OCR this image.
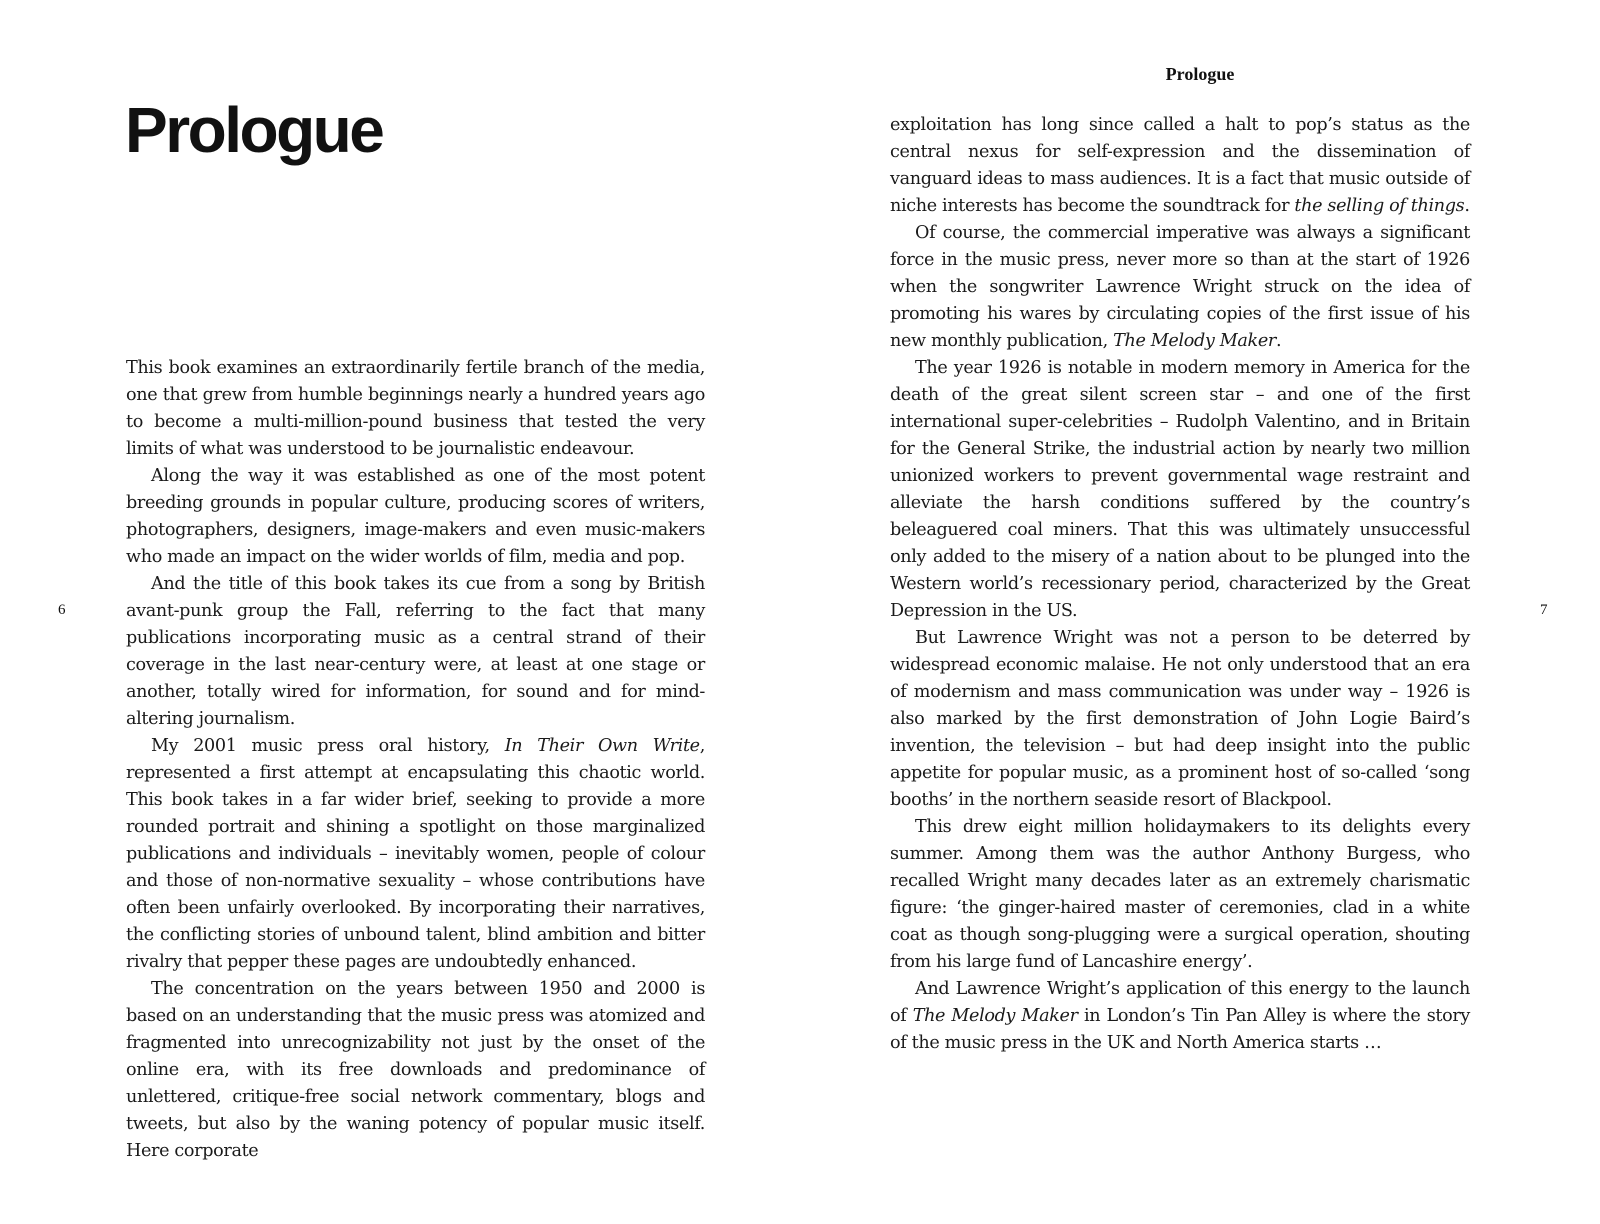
Prologue
6

This book examines an extraordinarily fertile branch of the media, one that grew from humble beginnings nearly a hundred years ago to become a multi-million-pound business that tested the very limits of what was understood to be journalistic endeavour.

Along the way it was established as one of the most potent breeding grounds in popular culture, producing scores of writers, photographers, designers, image-makers and even music-makers who made an impact on the wider worlds of film, media and pop.

And the title of this book takes its cue from a song by British avant-punk group the Fall, referring to the fact that many publications incorporating music as a central strand of their coverage in the last near-century were, at least at one stage or another, totally wired for information, for sound and for mind-altering journalism.

My 2001 music press oral history, In Their Own Write, represented a first attempt at encapsulating this chaotic world. This book takes in a far wider brief, seeking to provide a more rounded portrait and shining a spotlight on those marginalized publications and individuals – inevitably women, people of colour and those of non-normative sexuality – whose contributions have often been unfairly overlooked. By incorporating their narratives, the conflicting stories of unbound talent, blind ambition and bitter rivalry that pepper these pages are undoubtedly enhanced.

The concentration on the years between 1950 and 2000 is based on an understanding that the music press was atomized and fragmented into unrecognizability not just by the onset of the online era, with its free downloads and predominance of unlettered, critique-free social network commentary, blogs and tweets, but also by the waning potency of popular music itself. Here corporate

Prologue
7

exploitation has long since called a halt to pop’s status as the central nexus for self-expression and the dissemination of vanguard ideas to mass audiences. It is a fact that music outside of niche interests has become the soundtrack for the selling of things.

Of course, the commercial imperative was always a significant force in the music press, never more so than at the start of 1926 when the songwriter Lawrence Wright struck on the idea of promoting his wares by circulating copies of the first issue of his new monthly publication, The Melody Maker.

The year 1926 is notable in modern memory in America for the death of the great silent screen star – and one of the first international super-celebrities – Rudolph Valentino, and in Britain for the General Strike, the industrial action by nearly two million unionized workers to prevent governmental wage restraint and alleviate the harsh conditions suffered by the country’s beleaguered coal miners. That this was ultimately unsuccessful only added to the misery of a nation about to be plunged into the Western world’s recessionary period, characterized by the Great Depression in the US.

But Lawrence Wright was not a person to be deterred by widespread economic malaise. He not only understood that an era of modernism and mass communication was under way – 1926 is also marked by the first demonstration of John Logie Baird’s invention, the television – but had deep insight into the public appetite for popular music, as a prominent host of so-called ‘song booths’ in the northern seaside resort of Blackpool.

This drew eight million holidaymakers to its delights every summer. Among them was the author Anthony Burgess, who recalled Wright many decades later as an extremely charismatic figure: ‘the ginger-haired master of ceremonies, clad in a white coat as though song-plugging were a surgical operation, shouting from his large fund of Lancashire energy’.

And Lawrence Wright’s application of this energy to the launch of The Melody Maker in London’s Tin Pan Alley is where the story of the music press in the UK and North America starts …
